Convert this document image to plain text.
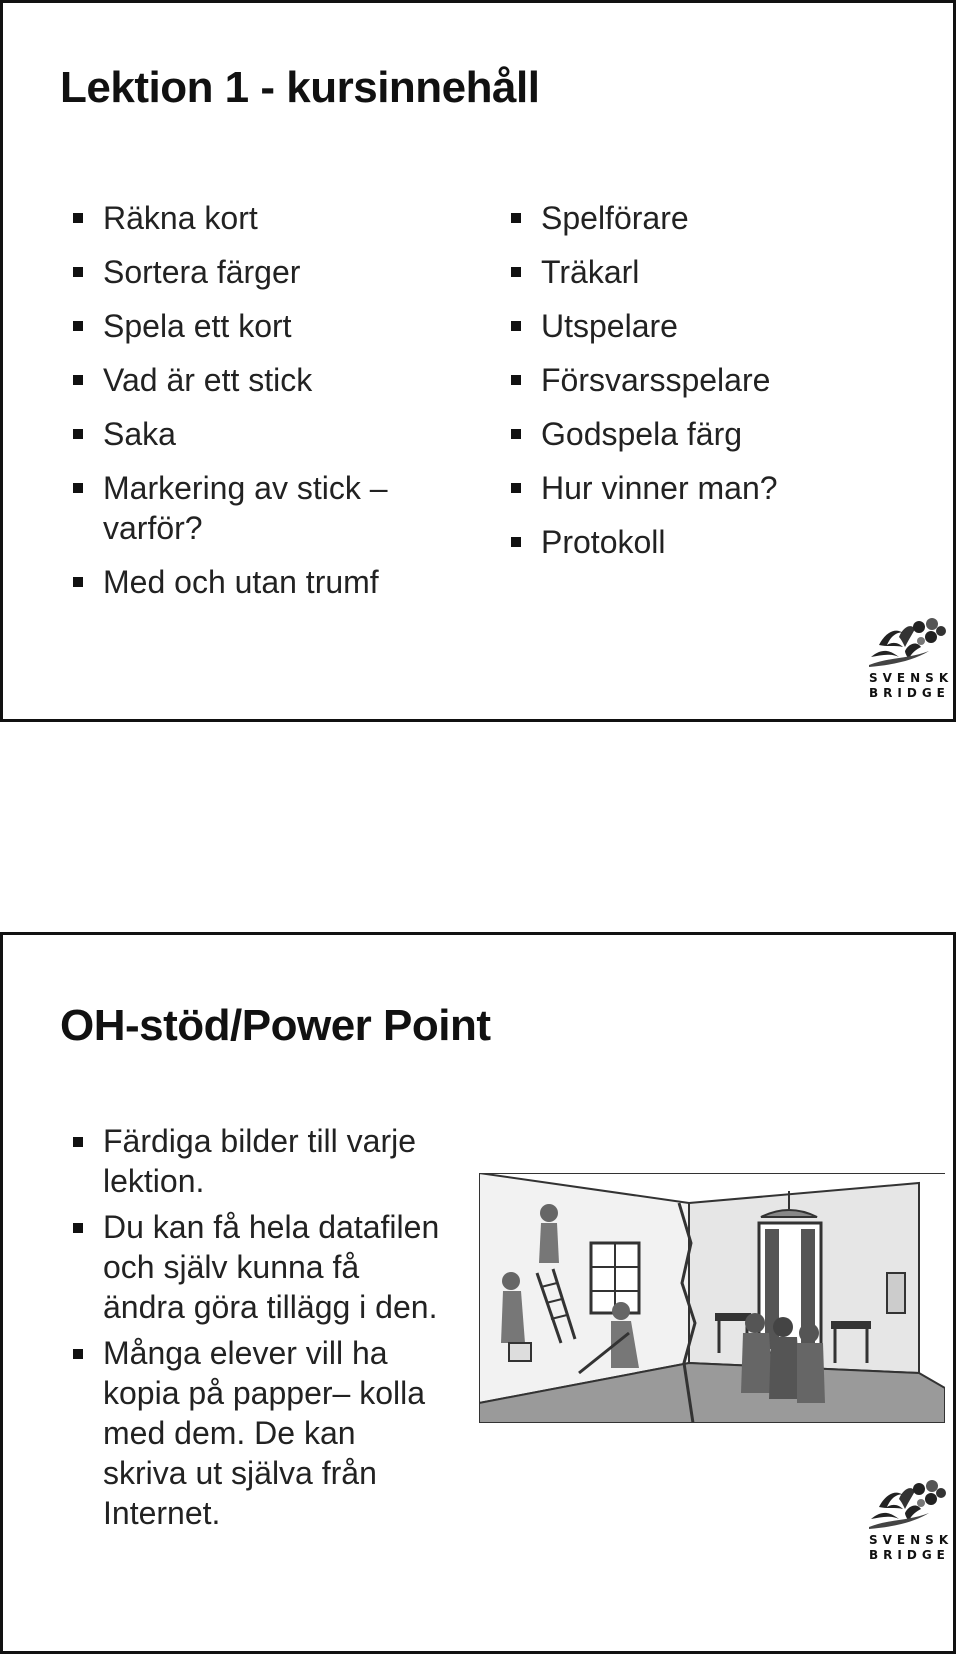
Lektion 1 - kursinnehåll
Räkna kort
Sortera färger
Spela ett kort
Vad är ett stick
Saka
Markering av stick –
varför?
Med och utan trumf
Spelförare
Träkarl
Utspelare
Försvarsspelare
Godspela färg
Hur vinner man?
Protokoll
SVENSK
BRIDGE
OH-stöd/Power Point
Färdiga bilder till varje
lektion.
Du kan få hela datafilen
och själv kunna få
ändra göra tillägg i den.
Många elever vill ha
kopia på papper– kolla
med dem. De kan
skriva ut själva från
Internet.
SVENSK
BRIDGE
